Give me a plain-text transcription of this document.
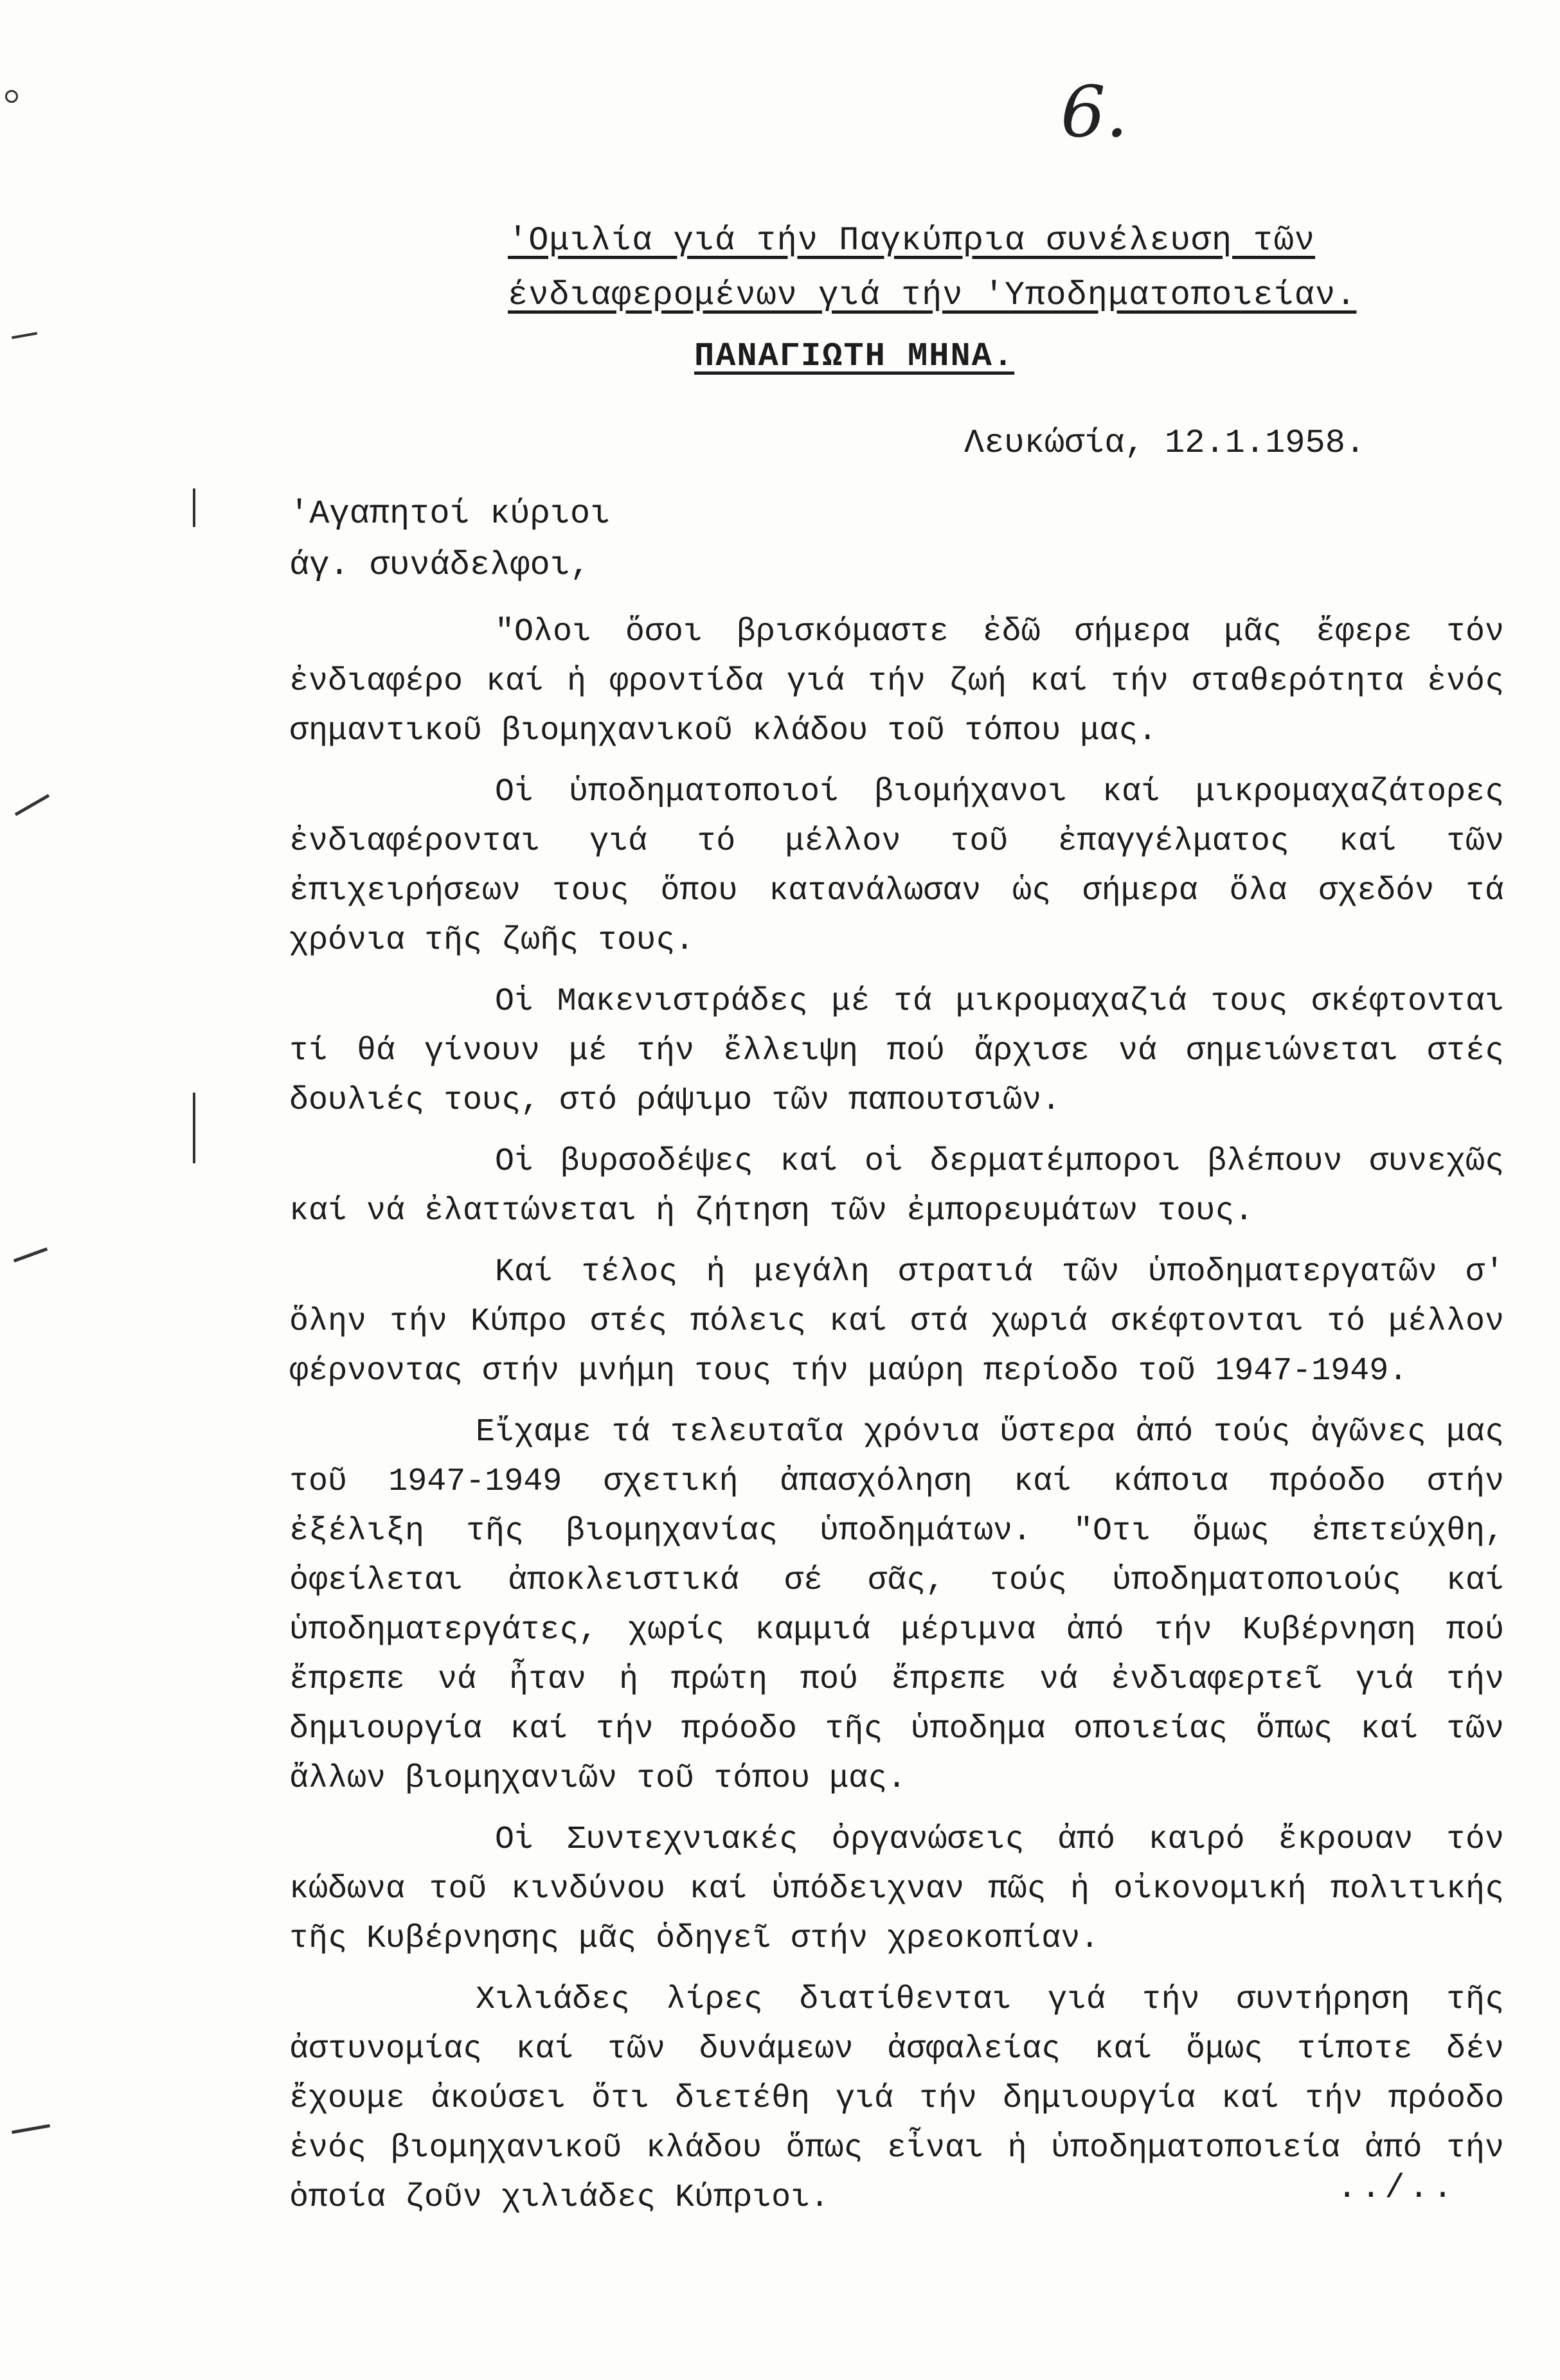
6.
'Ομιλία γιά τήν Παγκύπρια συνέλευση τῶν
ένδιαφερομένων γιά τήν 'Υποδηματοποιείαν.
ΠΑΝΑΓΙΩΤΗ ΜΗΝΑ.
Λευκώσία, 12.1.1958.
'Αγαπητοί κύριοι
άγ. συνάδελφοι,

"Ολοι ὅσοι βρισκόμαστε ἐδῶ σήμερα μᾶς ἔφερε τόν ἐνδιαφέρο καί ἡ φροντίδα γιά τήν ζωή καί τήν σταθερότητα ἑνός σημαντικοῦ βιομηχανικοῦ κλάδου τοῦ τόπου μας.

Οἱ ὑποδηματοποιοί βιομήχανοι καί μικρομαχαζάτορες ἐνδιαφέρονται γιά τό μέλλον τοῦ ἐπαγγέλματος καί τῶν ἐπιχειρήσεων τους ὅπου κατανάλωσαν ὡς σήμερα ὅλα σχεδόν τά χρόνια τῆς ζωῆς τους.

Οἱ Μακενιστράδες μέ τά μικρομαχαζιά τους σκέφτονται τί θά γίνουν μέ τήν ἔλλειψη πού ἄρχισε νά σημειώνεται στές δουλιές τους, στό ράψιμο τῶν παπουτσιῶν.

Οἱ βυρσοδέψες καί οἱ δερματέμποροι βλέπουν συνεχῶς καί νά ἐλαττώνεται ἡ ζήτηση τῶν ἐμπορευμάτων τους.

Καί τέλος ἡ μεγάλη στρατιά τῶν ὑποδηματεργατῶν σ' ὅλην τήν Κύπρο στές πόλεις καί στά χωριά σκέφτονται τό μέλλον φέρνοντας στήν μνήμη τους τήν μαύρη περίοδο τοῦ 1947-1949.

Εἴχαμε τά τελευταῖα χρόνια ὕστερα ἀπό τούς ἀγῶνες μας τοῦ 1947-1949 σχετική ἀπασχόληση καί κάποια πρόοδο στήν ἐξέλιξη τῆς βιομηχανίας ὑποδημάτων. "Οτι ὅμως ἐπετεύχθη, ὀφείλεται ἀποκλειστικά σέ σᾶς, τούς ὑποδηματοποιούς καί ὑποδηματεργάτες, χωρίς καμμιά μέριμνα ἀπό τήν Κυβέρνηση πού ἔπρεπε νά ἦταν ἡ πρώτη πού ἔπρεπε νά ἐνδιαφερτεῖ γιά τήν δημιουργία καί τήν πρόοδο τῆς ὑποδημα οποιείας ὅπως καί τῶν ἄλλων βιομηχανιῶν τοῦ τόπου μας.

Οἱ Συντεχνιακές ὀργανώσεις ἀπό καιρό ἔκρουαν τόν κώδωνα τοῦ κινδύνου καί ὑπόδειχναν πῶς ἡ οἰκονομική πολιτικής τῆς Κυβέρνησης μᾶς ὁδηγεῖ στήν χρεοκοπίαν.

Χιλιάδες λίρες διατίθενται γιά τήν συντήρηση τῆς ἀστυνομίας καί τῶν δυνάμεων ἀσφαλείας καί ὅμως τίποτε δέν ἔχουμε ἀκούσει ὅτι διετέθη γιά τήν δημιουργία καί τήν πρόοδο ἑνός βιομηχανικοῦ κλάδου ὅπως εἶναι ἡ ὑποδηματοποιεία ἀπό τήν ὁποία ζοῦν χιλιάδες Κύπριοι.	../..
